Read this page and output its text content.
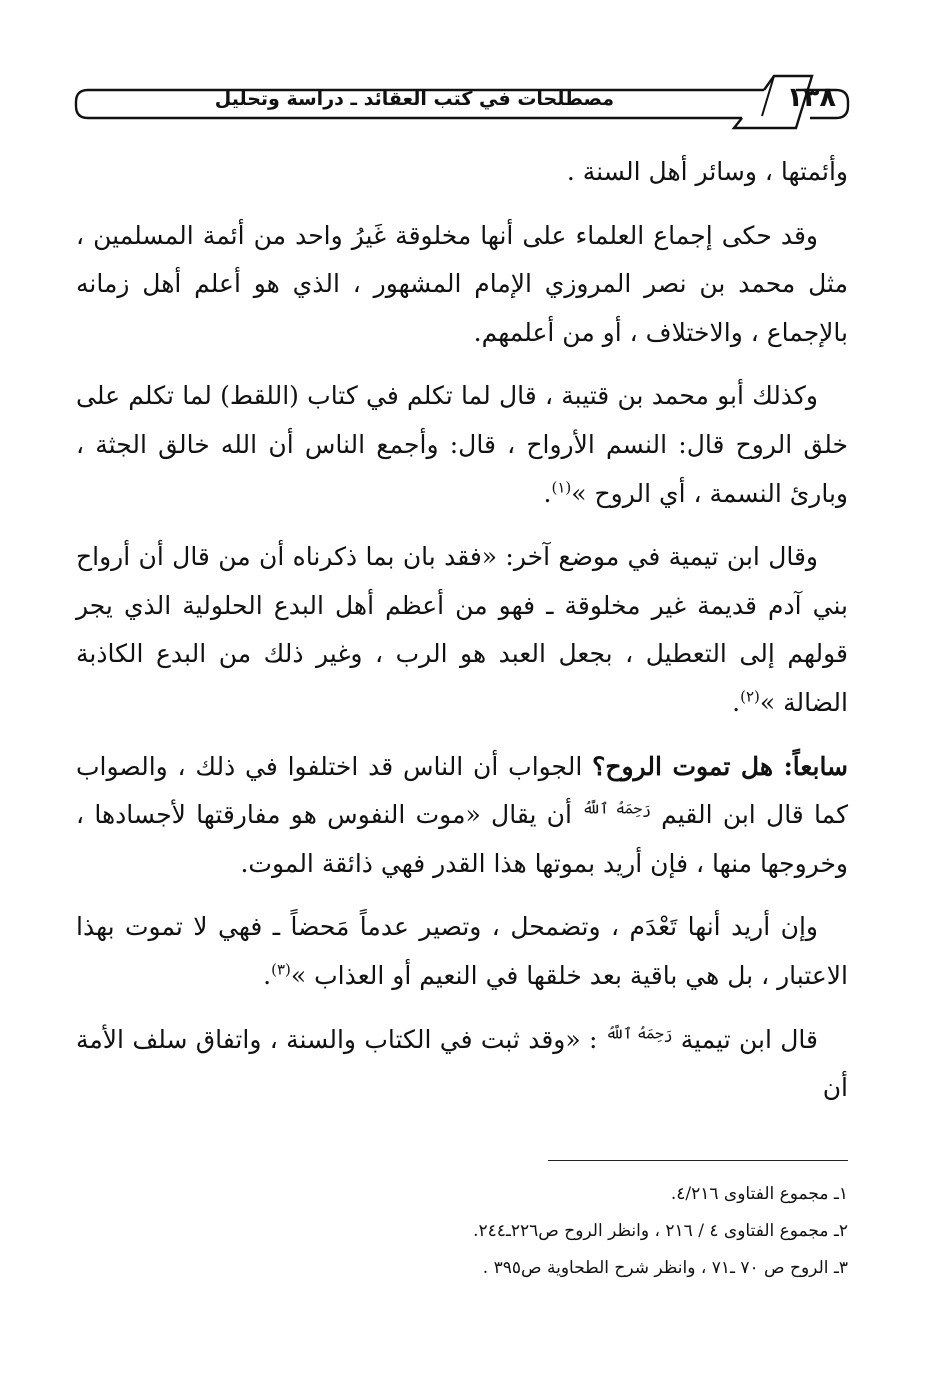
مصطلحات في كتب العقائد ـ دراسة وتحليل	١٣٨

وأئمتها ، وسائر أهل السنة .

وقد حكى إجماع العلماء على أنها مخلوقة غَيرُ واحد من أئمة المسلمين ، مثل محمد بن نصر المروزي الإمام المشهور ، الذي هو أعلم أهل زمانه بالإجماع ، والاختلاف ، أو من أعلمهم.

وكذلك أبو محمد بن قتيبة ، قال لما تكلم في كتاب (اللقط) لما تكلم على خلق الروح قال: النسم الأرواح ، قال: وأجمع الناس أن الله خالق الجثة ، وبارئ النسمة ، أي الروح »$^{(١)}$.

وقال ابن تيمية في موضع آخر: «فقد بان بما ذكرناه أن من قال أن أرواح بني آدم قديمة غير مخلوقة ـ فهو من أعظم أهل البدع الحلولية الذي يجر قولهم إلى التعطيل ، بجعل العبد هو الرب ، وغير ذلك من البدع الكاذبة الضالة »$^{(٢)}$.

سابعاً: هل تموت الروح؟ الجواب أن الناس قد اختلفوا في ذلك ، والصواب كما قال ابن القيم $^{رَحِمَهُ ٱللَّهُ}$ أن يقال «موت النفوس هو مفارقتها لأجسادها ، وخروجها منها ، فإن أريد بموتها هذا القدر فهي ذائقة الموت.

وإن أريد أنها تَعْدَم ، وتضمحل ، وتصير عدماً مَحضاً ـ فهي لا تموت بهذا الاعتبار ، بل هي باقية بعد خلقها في النعيم أو العذاب »$^{(٣)}$.

قال ابن تيمية $^{رَحِمَهُ ٱللَّهُ}$ : «وقد ثبت في الكتاب والسنة ، واتفاق سلف الأمة أن

١ـ مجموع الفتاوى ٤/٢١٦.
٢ـ مجموع الفتاوى ٤ / ٢١٦ ، وانظر الروح ص٢٢٦ـ٢٤٤.
٣ـ الروح ص ٧٠ ـ٧١ ، وانظر شرح الطحاوية ص٣٩٥ .
